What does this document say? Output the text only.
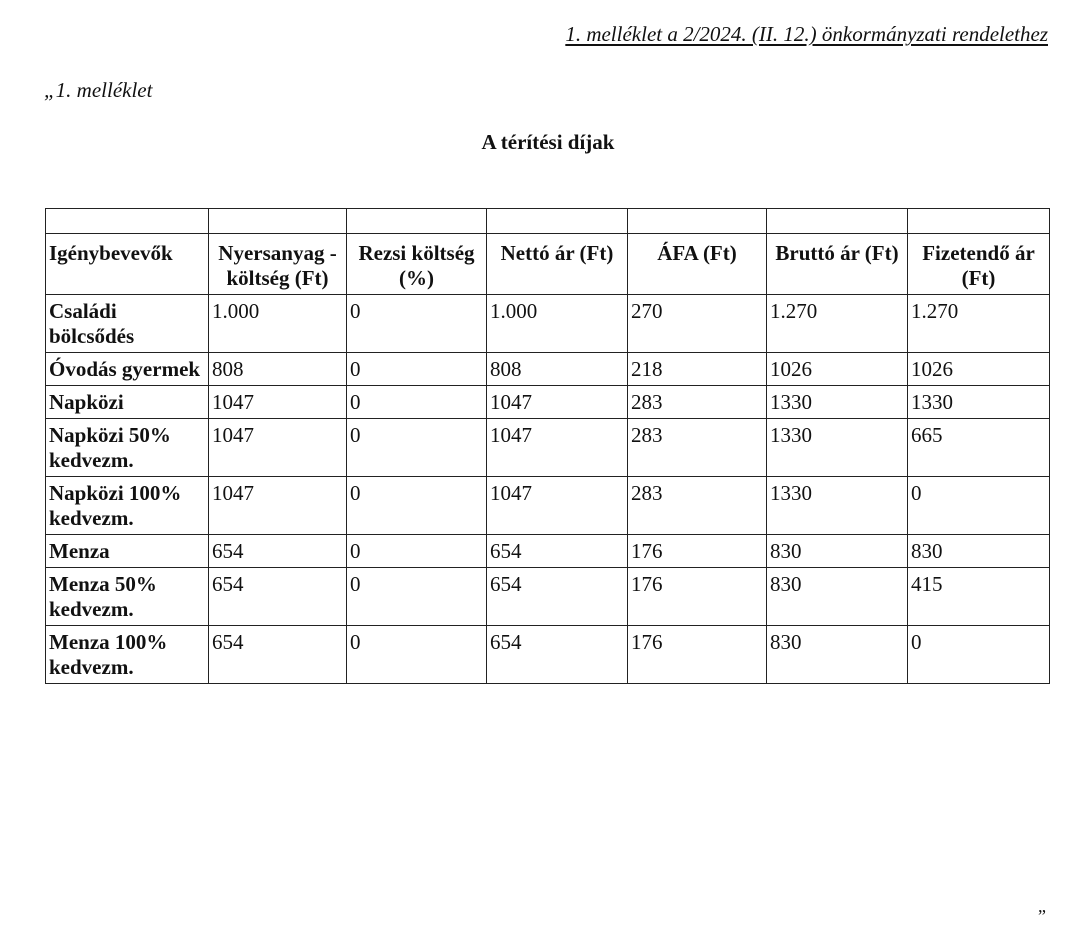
1. melléklet a 2/2024. (II. 12.) önkormányzati rendelethez
„1. melléklet
A térítési díjak

Igénybevevők	Nyersanyag -költség (Ft)	Rezsi költség (%)	Nettó ár (Ft)	ÁFA (Ft)	Bruttó ár (Ft)	Fizetendő ár (Ft)
Családi bölcsődés	1.000	0	1.000	270	1.270	1.270
Óvodás gyermek	808	0	808	218	1026	1026
Napközi	1047	0	1047	283	1330	1330
Napközi 50% kedvezm.	1047	0	1047	283	1330	665
Napközi 100% kedvezm.	1047	0	1047	283	1330	0
Menza	654	0	654	176	830	830
Menza 50% kedvezm.	654	0	654	176	830	415
Menza 100% kedvezm.	654	0	654	176	830	0
”
